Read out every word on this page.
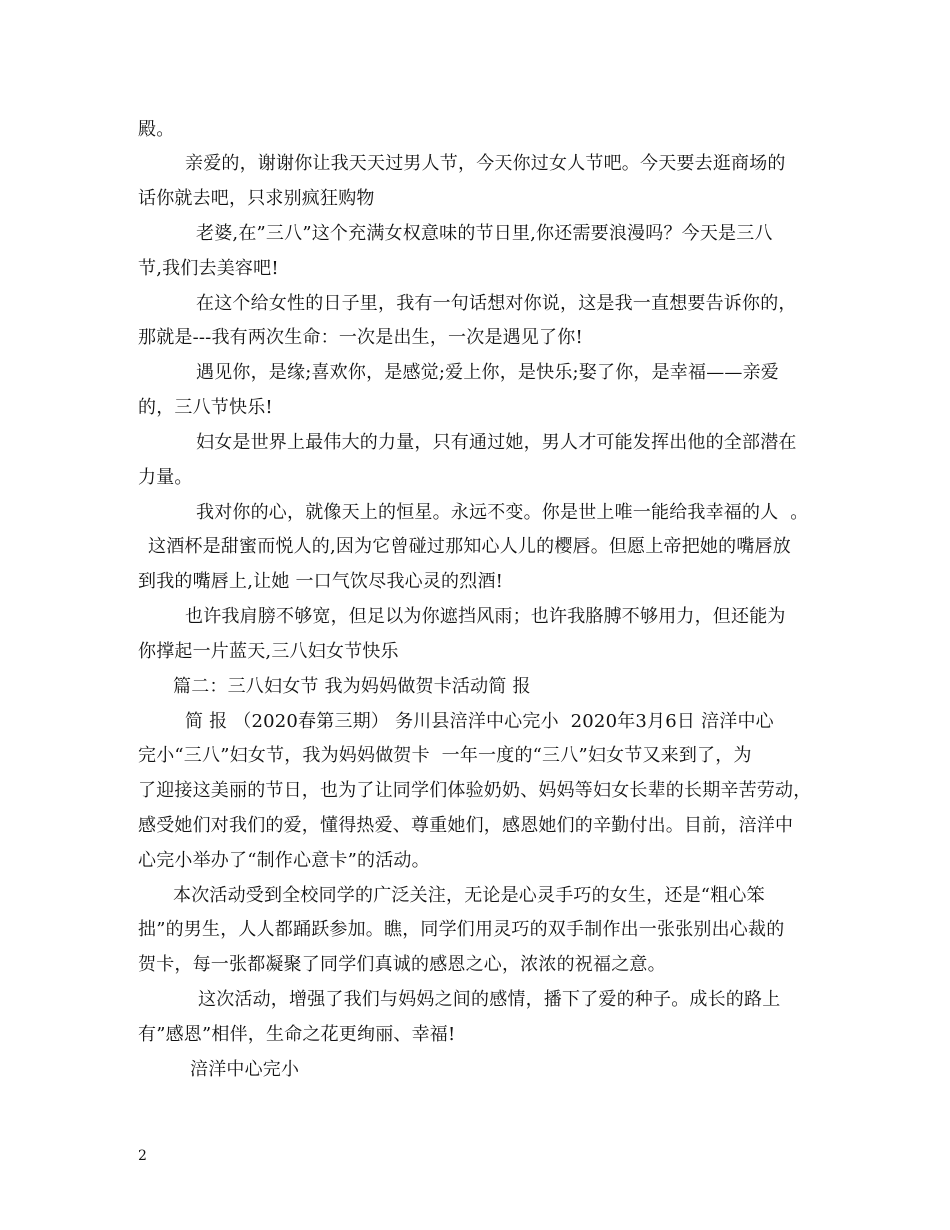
殿。
亲爱的，谢谢你让我天天过男人节，今天你过女人节吧。今天要去逛商场的
话你就去吧，只求别疯狂购物
老婆,在”三八”这个充满女权意味的节日里,你还需要浪漫吗？今天是三八
节,我们去美容吧!
在这个给女性的日子里，我有一句话想对你说，这是我一直想要告诉你的，
那就是---我有两次生命：一次是出生，一次是遇见了你!
遇见你，是缘;喜欢你，是感觉;爱上你，是快乐;娶了你，是幸福——亲爱
的，三八节快乐!
妇女是世界上最伟大的力量，只有通过她，男人才可能发挥出他的全部潜在
力量。
我对你的心，就像天上的恒星。永远不变。你是世上唯一能给我幸福的人  。
这酒杯是甜蜜而悦人的,因为它曾碰过那知心人儿的樱唇。但愿上帝把她的嘴唇放
到我的嘴唇上,让她 一口气饮尽我心灵的烈酒!
也许我肩膀不够宽，但足以为你遮挡风雨；也许我胳膊不够用力，但还能为
你撑起一片蓝天,三八妇女节快乐
篇二：三八妇女节 我为妈妈做贺卡活动简 报
简 报 （2020春第三期） 务川县涪洋中心完小  2020年3月6日 涪洋中心
完小“三八”妇女节，我为妈妈做贺卡  一年一度的“三八”妇女节又来到了，为
了迎接这美丽的节日，也为了让同学们体验奶奶、妈妈等妇女长辈的长期辛苦劳动，
感受她们对我们的爱，懂得热爱、尊重她们，感恩她们的辛勤付出。目前，涪洋中
心完小举办了“制作心意卡”的活动。
本次活动受到全校同学的广泛关注，无论是心灵手巧的女生，还是“粗心笨
拙”的男生，人人都踊跃参加。瞧，同学们用灵巧的双手制作出一张张别出心裁的
贺卡，每一张都凝聚了同学们真诚的感恩之心，浓浓的祝福之意。
这次活动，增强了我们与妈妈之间的感情，播下了爱的种子。成长的路上
有”感恩”相伴，生命之花更绚丽、幸福!
涪洋中心完小
2
